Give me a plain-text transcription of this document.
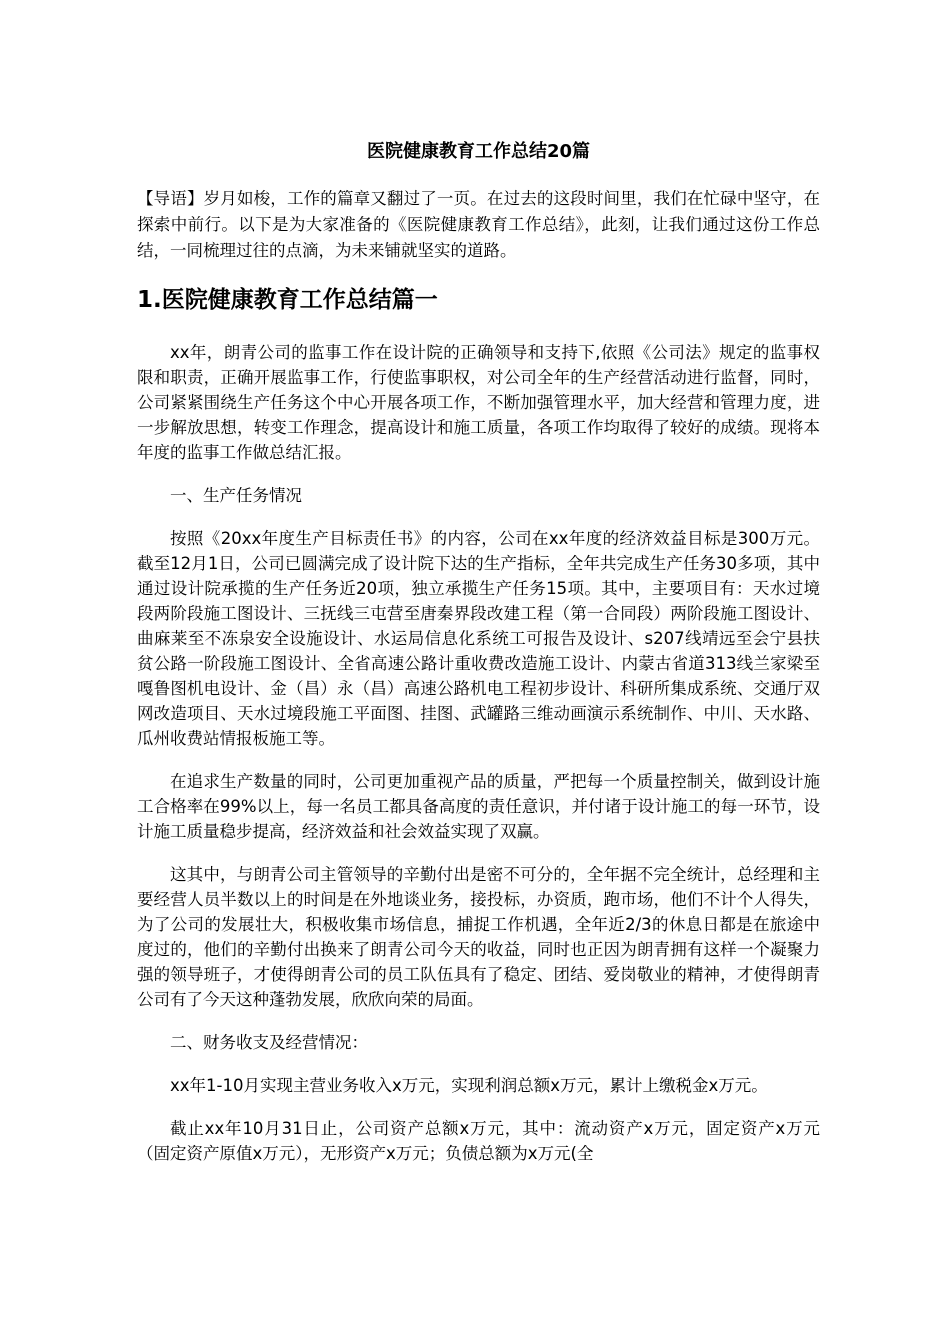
医院健康教育工作总结20篇

【导语】岁月如梭，工作的篇章又翻过了一页。在过去的这段时间里，我们在忙碌中坚守，在探索中前行。以下是为大家准备的《医院健康教育工作总结》，此刻，让我们通过这份工作总结，一同梳理过往的点滴，为未来铺就坚实的道路。

1.医院健康教育工作总结篇一

xx年，朗青公司的监事工作在设计院的正确领导和支持下,依照《公司法》规定的监事权限和职责，正确开展监事工作，行使监事职权，对公司全年的生产经营活动进行监督，同时，公司紧紧围绕生产任务这个中心开展各项工作，不断加强管理水平，加大经营和管理力度，进一步解放思想，转变工作理念，提高设计和施工质量，各项工作均取得了较好的成绩。现将本年度的监事工作做总结汇报。

一、生产任务情况

按照《20xx年度生产目标责任书》的内容，公司在xx年度的经济效益目标是300万元。截至12月1日，公司已圆满完成了设计院下达的生产指标，全年共完成生产任务30多项，其中通过设计院承揽的生产任务近20项，独立承揽生产任务15项。其中，主要项目有：天水过境段两阶段施工图设计、三抚线三屯营至唐秦界段改建工程（第一合同段）两阶段施工图设计、曲麻莱至不冻泉安全设施设计、水运局信息化系统工可报告及设计、s207线靖远至会宁县扶贫公路一阶段施工图设计、全省高速公路计重收费改造施工设计、内蒙古省道313线兰家梁至嘎鲁图机电设计、金（昌）永（昌）高速公路机电工程初步设计、科研所集成系统、交通厅双网改造项目、天水过境段施工平面图、挂图、武罐路三维动画演示系统制作、中川、天水路、瓜州收费站情报板施工等。

在追求生产数量的同时，公司更加重视产品的质量，严把每一个质量控制关，做到设计施工合格率在99%以上，每一名员工都具备高度的责任意识，并付诸于设计施工的每一环节，设计施工质量稳步提高，经济效益和社会效益实现了双赢。

这其中，与朗青公司主管领导的辛勤付出是密不可分的，全年据不完全统计，总经理和主要经营人员半数以上的时间是在外地谈业务，接投标，办资质，跑市场，他们不计个人得失，为了公司的发展壮大，积极收集市场信息，捕捉工作机遇，全年近2/3的休息日都是在旅途中度过的，他们的辛勤付出换来了朗青公司今天的收益，同时也正因为朗青拥有这样一个凝聚力强的领导班子，才使得朗青公司的员工队伍具有了稳定、团结、爱岗敬业的精神，才使得朗青公司有了今天这种蓬勃发展，欣欣向荣的局面。

二、财务收支及经营情况：

xx年1-10月实现主营业务收入x万元，实现利润总额x万元，累计上缴税金x万元。

截止xx年10月31日止，公司资产总额x万元，其中：流动资产x万元，固定资产x万元（固定资产原值x万元），无形资产x万元；负债总额为x万元(全
